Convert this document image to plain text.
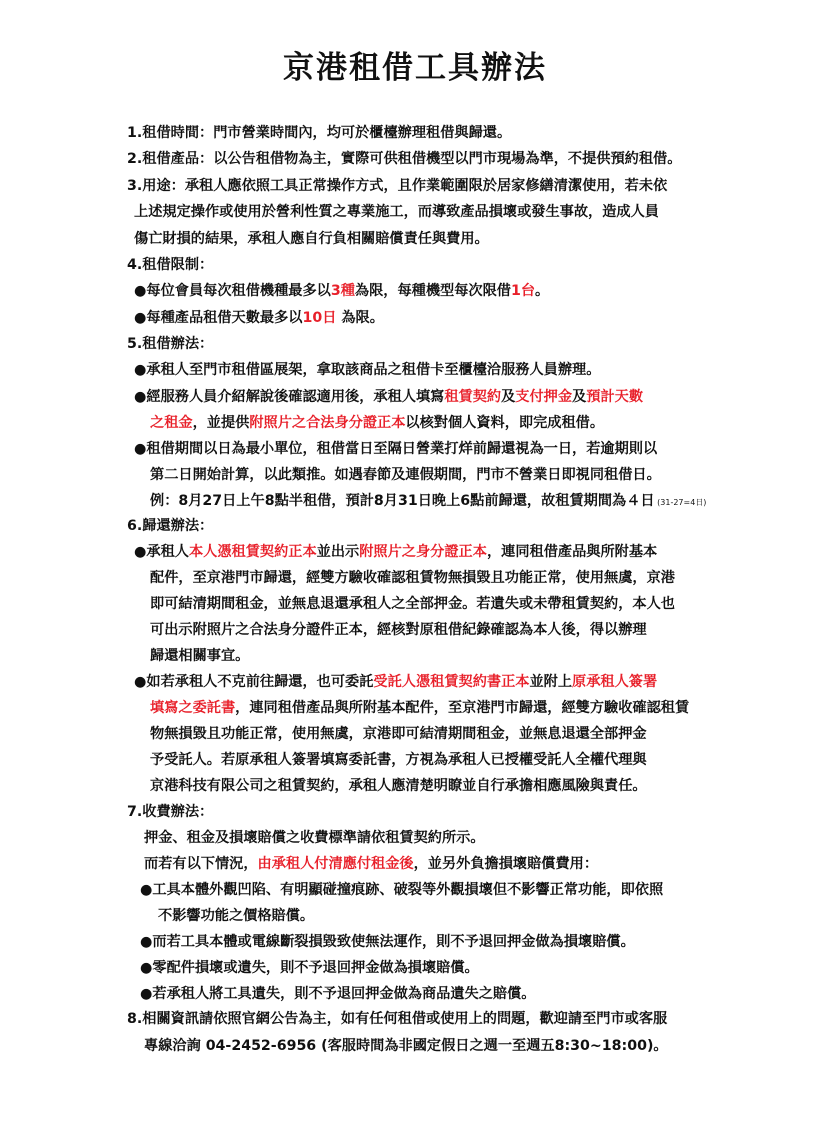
京港租借工具辦法
1.租借時間：門市營業時間內，均可於櫃檯辦理租借與歸還。
2.租借產品：以公告租借物為主，實際可供租借機型以門市現場為準，不提供預約租借。
3.用途：承租人應依照工具正常操作方式，且作業範圍限於居家修繕清潔使用，若未依
上述規定操作或使用於營利性質之專業施工，而導致產品損壞或發生事故，造成人員
傷亡財損的結果，承租人應自行負相關賠償責任與費用。
4.租借限制：
●每位會員每次租借機種最多以3種為限，每種機型每次限借1台。
●每種產品租借天數最多以10日 為限。
5.租借辦法：
●承租人至門市租借區展架，拿取該商品之租借卡至櫃檯洽服務人員辦理。
●經服務人員介紹解說後確認適用後，承租人填寫租賃契約及支付押金及預計天數
之租金，並提供附照片之合法身分證正本以核對個人資料，即完成租借。
●租借期間以日為最小單位，租借當日至隔日營業打烊前歸還視為一日，若逾期則以
第二日開始計算，以此類推。如遇春節及連假期間，門市不營業日即視同租借日。
例：8月27日上午8點半租借，預計8月31日晚上6點前歸還，故租賃期間為４日 (31-27=4日)
6.歸還辦法：
●承租人本人憑租賃契約正本並出示附照片之身分證正本，連同租借產品與所附基本
配件，至京港門市歸還，經雙方驗收確認租賃物無損毀且功能正常，使用無虞，京港
即可結清期間租金，並無息退還承租人之全部押金。若遺失或未帶租賃契約，本人也
可出示附照片之合法身分證件正本，經核對原租借紀錄確認為本人後，得以辦理
歸還相關事宜。
●如若承租人不克前往歸還，也可委託受託人憑租賃契約書正本並附上原承租人簽署
填寫之委託書，連同租借產品與所附基本配件，至京港門市歸還，經雙方驗收確認租賃
物無損毀且功能正常，使用無虞，京港即可結清期間租金，並無息退還全部押金
予受託人。若原承租人簽署填寫委託書，方視為承租人已授權受託人全權代理與
京港科技有限公司之租賃契約，承租人應清楚明瞭並自行承擔相應風險與責任。
7.收費辦法：
押金、租金及損壞賠償之收費標準請依租賃契約所示。
而若有以下情況，由承租人付清應付租金後，並另外負擔損壞賠償費用：
●工具本體外觀凹陷、有明顯碰撞痕跡、破裂等外觀損壞但不影響正常功能，即依照
不影響功能之價格賠償。
●而若工具本體或電線斷裂損毀致使無法運作，則不予退回押金做為損壞賠償。
●零配件損壞或遺失，則不予退回押金做為損壞賠償。
●若承租人將工具遺失，則不予退回押金做為商品遺失之賠償。
8.相關資訊請依照官網公告為主，如有任何租借或使用上的問題，歡迎請至門市或客服
專線洽詢 04-2452-6956 (客服時間為非國定假日之週一至週五8:30~18:00)。
